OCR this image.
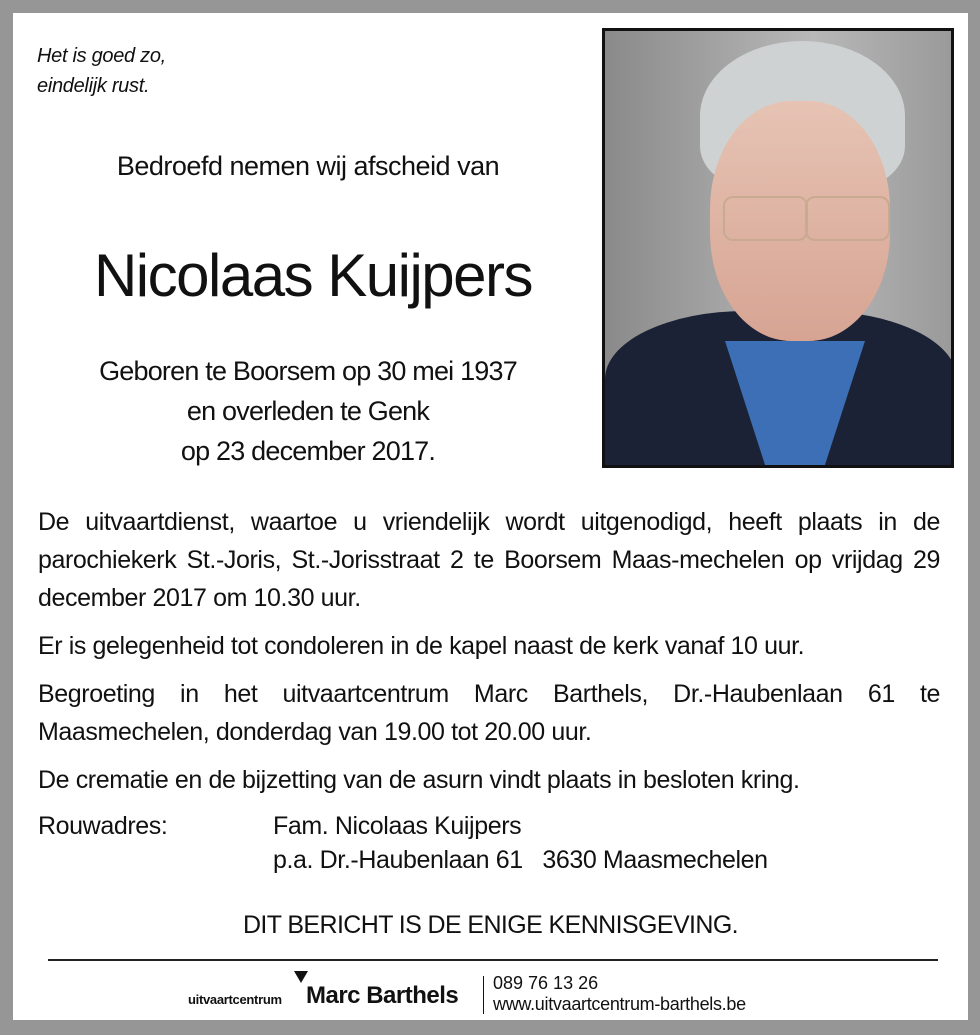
Het is goed zo,
eindelijk rust.
Bedroefd nemen wij afscheid van
Nicolaas Kuijpers
Geboren te Boorsem op 30 mei 1937
en overleden te Genk
op 23 december 2017.

De uitvaartdienst, waartoe u vriendelijk wordt uitgenodigd, heeft plaats in de parochiekerk St.-Joris, St.-Jorisstraat 2 te Boorsem Maas-mechelen op vrijdag 29 december 2017 om 10.30 uur.

Er is gelegenheid tot condoleren in de kapel naast de kerk vanaf 10 uur.

Begroeting in het uitvaartcentrum Marc Barthels, Dr.-Haubenlaan 61 te Maasmechelen, donderdag van 19.00 tot 20.00 uur.

De crematie en de bijzetting van de asurn vindt plaats in besloten kring.

Rouwadres:	Fam. Nicolaas Kuijpers
p.a. Dr.-Haubenlaan 61   3630 Maasmechelen
DIT BERICHT IS DE ENIGE KENNISGEVING.
uitvaartcentrum Marc Barthels 089 76 13 26
www.uitvaartcentrum-barthels.be
